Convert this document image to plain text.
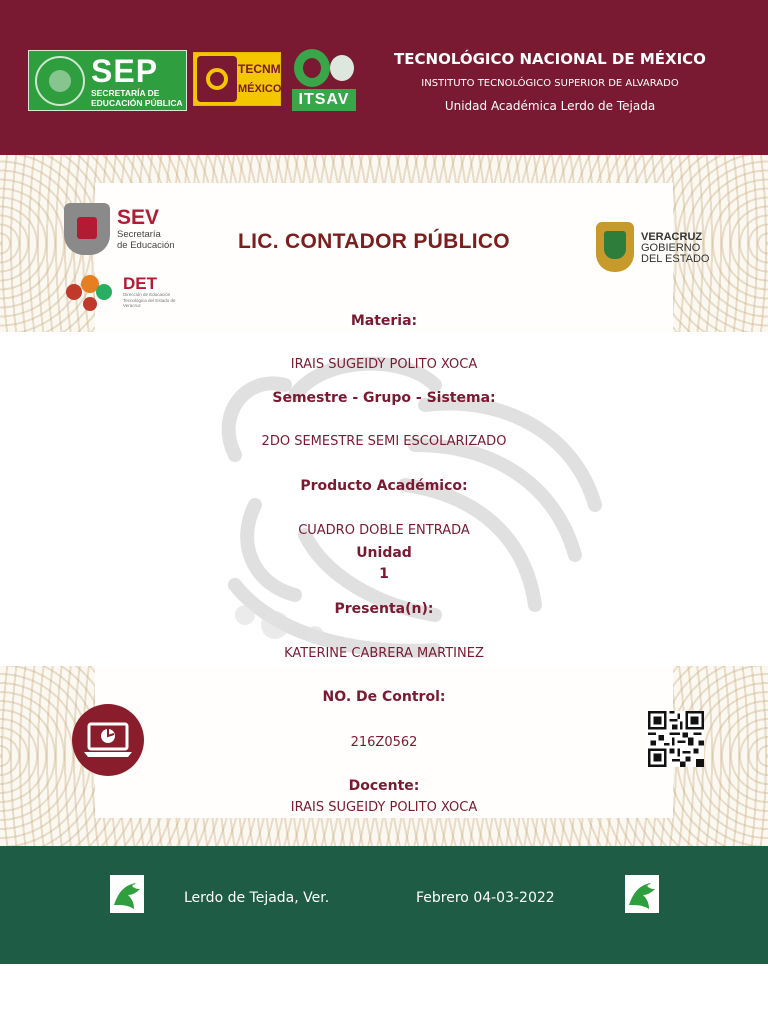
SEP
SECRETARÍA DE
EDUCACIÓN PÚBLICA
TECNM
MÉXICO
ITSAV
TECNOLÓGICO NACIONAL DE MÉXICO
INSTITUTO TECNOLÓGICO SUPERIOR DE ALVARADO
Unidad Académica Lerdo de Tejada
SEV
Secretaría
de Educación
DET
Dirección de Educación Tecnológica del Estado de Veracruz
VERACRUZ
GOBIERNO
DEL ESTADO
LIC. CONTADOR PÚBLICO
Materia:
IRAIS SUGEIDY POLITO XOCA
Semestre - Grupo - Sistema:
2DO SEMESTRE SEMI ESCOLARIZADO
Producto Académico:
CUADRO DOBLE ENTRADA
Unidad
1
Presenta(n):
KATERINE CABRERA MARTINEZ
NO. De Control:
216Z0562
Docente:
IRAIS SUGEIDY POLITO XOCA
Lerdo de Tejada, Ver.	Febrero 04-03-2022
